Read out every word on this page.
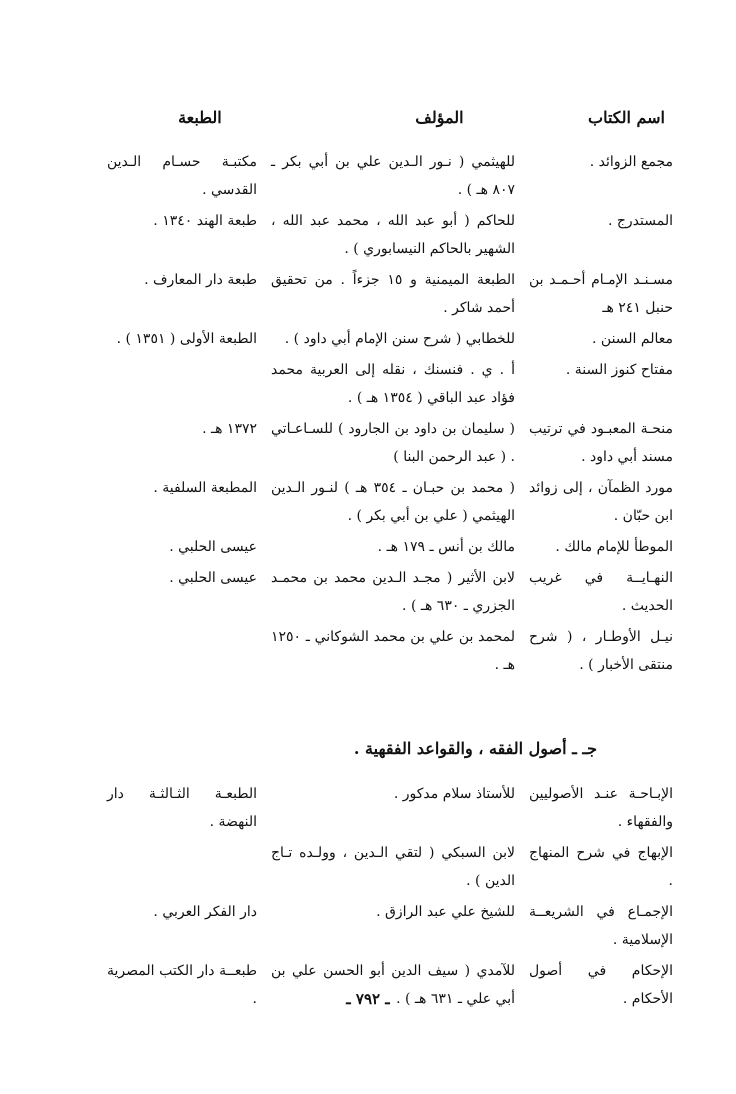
اسم الكتاب
المؤلف
الطبعة
مجمع الزوائد .
للهيثمي ( نـور الـدين علي بن أبي بكر ـ ٨٠٧ هـ ) .
مكتبـة حسـام الـدين القدسي .
المستدرج .
للحاكم ( أبو عبد الله ، محمد عبد الله ، الشهير بالحاكم النيسابوري ) .
طبعة الهند ١٣٤٠ .
مسـنـد الإمـام أحـمـد بن حنبل ٢٤١ هـ
الطبعة الميمنية و ١٥ جزءاً . من تحقيق أحمد شاكر .
طبعة دار المعارف .
معالم السنن .
للخطابي ( شرح سنن الإمام أبي داود ) .
الطبعة الأولى ( ١٣٥١ ) .
مفتاح كنوز السنة .
أ . ي . فنسنك ، نقله إلى العربية محمد فؤاد عبد الباقي ( ١٣٥٤ هـ ) .
منحـة المعبـود في ترتيب مسند أبي داود .
( سليمان بن داود بن الجارود ) للسـاعـاتي . ( عبد الرحمن البنا )
١٣٧٢ هـ .
مورد الظمآن ، إلى زوائد ابن حبّان .
( محمد بن حبـان ـ ٣٥٤ هـ ) لنـور الـدين الهيثمي ( علي بن أبي بكر ) .
المطبعة السلفية .
الموطأ للإمام مالك .
مالك بن أنس ـ ١٧٩ هـ .
عيسى الحلبي .
النهـايــة في غريب الحديث .
لابن الأثير ( مجـد الـدين محمد بن محمـد الجزري ـ ٦٣٠ هـ ) .
عيسى الحلبي .
نيـل الأوطـار ، ( شرح منتقى الأخبار ) .
لمحمد بن علي بن محمد الشوكاني ـ ١٢٥٠ هـ .
جـ ـ أصول الفقه ، والقواعد الفقهية .
الإبـاحـة عنـد الأصوليين والفقهاء .
للأستاذ سلام مدكور .
الطبعـة الثـالثـة دار النهضة .
الإبهاج في شرح المنهاج .
لابن السبكي ( لتقي الـدين ، وولـده تـاج الدين ) .
الإجمـاع في الشريعــة الإسلامية .
للشيخ علي عبد الرازق .
دار الفكر العربي .
الإحكام في أصول الأحكام .
للآمدي ( سيف الدين أبو الحسن علي بن أبي علي ـ ٦٣١ هـ ) .
طبعــة دار الكتب المصرية .	ـ ٧٩٢ ـ
